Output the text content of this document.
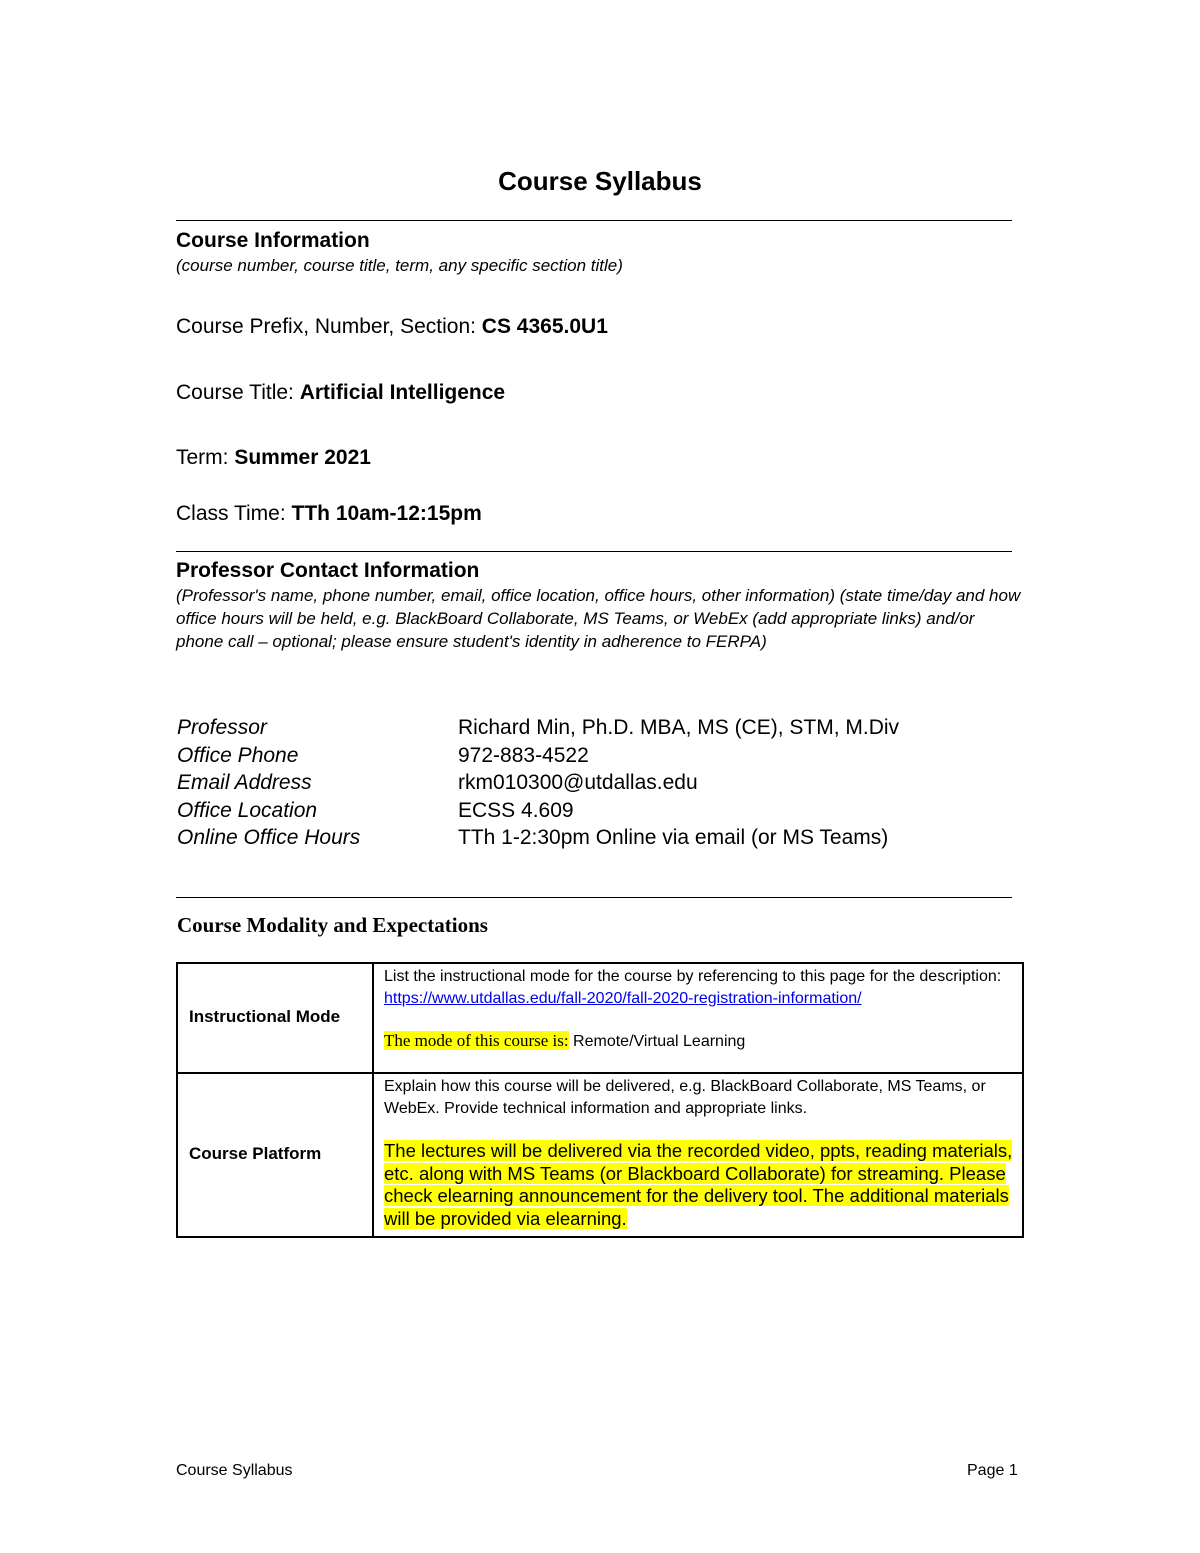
Course Syllabus
Course Information
(course number, course title, term, any specific section title)
Course Prefix, Number, Section: CS 4365.0U1
Course Title: Artificial Intelligence
Term: Summer 2021
Class Time: TTh 10am-12:15pm
Professor Contact Information
(Professor's name, phone number, email, office location, office hours, other information) (state time/day and how office hours will be held, e.g. BlackBoard Collaborate, MS Teams, or WebEx (add appropriate links) and/or phone call – optional; please ensure student's identity in adherence to FERPA)
Professor	Richard Min, Ph.D. MBA, MS (CE), STM, M.Div
Office Phone	972-883-4522
Email Address	rkm010300@utdallas.edu
Office Location	ECSS 4.609
Online Office Hours	TTh 1-2:30pm Online via email (or MS Teams)
Course Modality and Expectations
Instructional Mode	List the instructional mode for the course by referencing to this page for the description: https://www.utdallas.edu/fall-2020/fall-2020-registration-information/
The mode of this course is: Remote/Virtual Learning
Course Platform	Explain how this course will be delivered, e.g. BlackBoard Collaborate, MS Teams, or WebEx. Provide technical information and appropriate links.
The lectures will be delivered via the recorded video, ppts, reading materials, etc. along with MS Teams (or Blackboard Collaborate) for streaming. Please check elearning announcement for the delivery tool. The additional materials will be provided via elearning.
Course Syllabus	Page 1
